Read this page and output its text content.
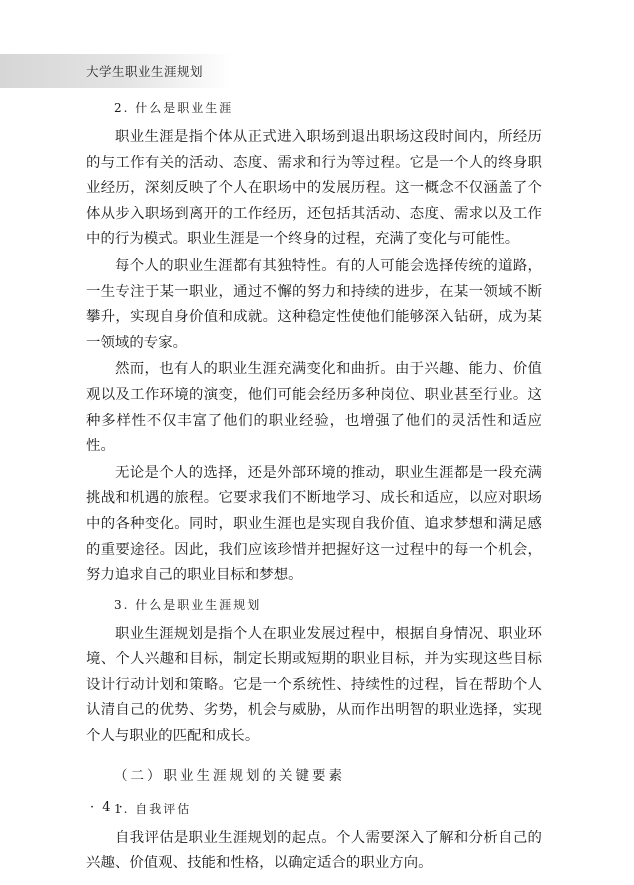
大学生职业生涯规划
2. 什么是职业生涯

职业生涯是指个体从正式进入职场到退出职场这段时间内，所经历的与工作有关的活动、态度、需求和行为等过程。它是一个人的终身职业经历，深刻反映了个人在职场中的发展历程。这一概念不仅涵盖了个体从步入职场到离开的工作经历，还包括其活动、态度、需求以及工作中的行为模式。职业生涯是一个终身的过程，充满了变化与可能性。

每个人的职业生涯都有其独特性。有的人可能会选择传统的道路，一生专注于某一职业，通过不懈的努力和持续的进步，在某一领域不断攀升，实现自身价值和成就。这种稳定性使他们能够深入钻研，成为某一领域的专家。

然而，也有人的职业生涯充满变化和曲折。由于兴趣、能力、价值观以及工作环境的演变，他们可能会经历多种岗位、职业甚至行业。这种多样性不仅丰富了他们的职业经验，也增强了他们的灵活性和适应性。

无论是个人的选择，还是外部环境的推动，职业生涯都是一段充满挑战和机遇的旅程。它要求我们不断地学习、成长和适应，以应对职场中的各种变化。同时，职业生涯也是实现自我价值、追求梦想和满足感的重要途径。因此，我们应该珍惜并把握好这一过程中的每一个机会，努力追求自己的职业目标和梦想。

3. 什么是职业生涯规划

职业生涯规划是指个人在职业发展过程中，根据自身情况、职业环境、个人兴趣和目标，制定长期或短期的职业目标，并为实现这些目标设计行动计划和策略。它是一个系统性、持续性的过程，旨在帮助个人认清自己的优势、劣势，机会与威胁，从而作出明智的职业选择，实现个人与职业的匹配和成长。

（二）职业生涯规划的关键要素
1. 自我评估

自我评估是职业生涯规划的起点。个人需要深入了解和分析自己的兴趣、价值观、技能和性格，以确定适合的职业方向。

· 4 ·
